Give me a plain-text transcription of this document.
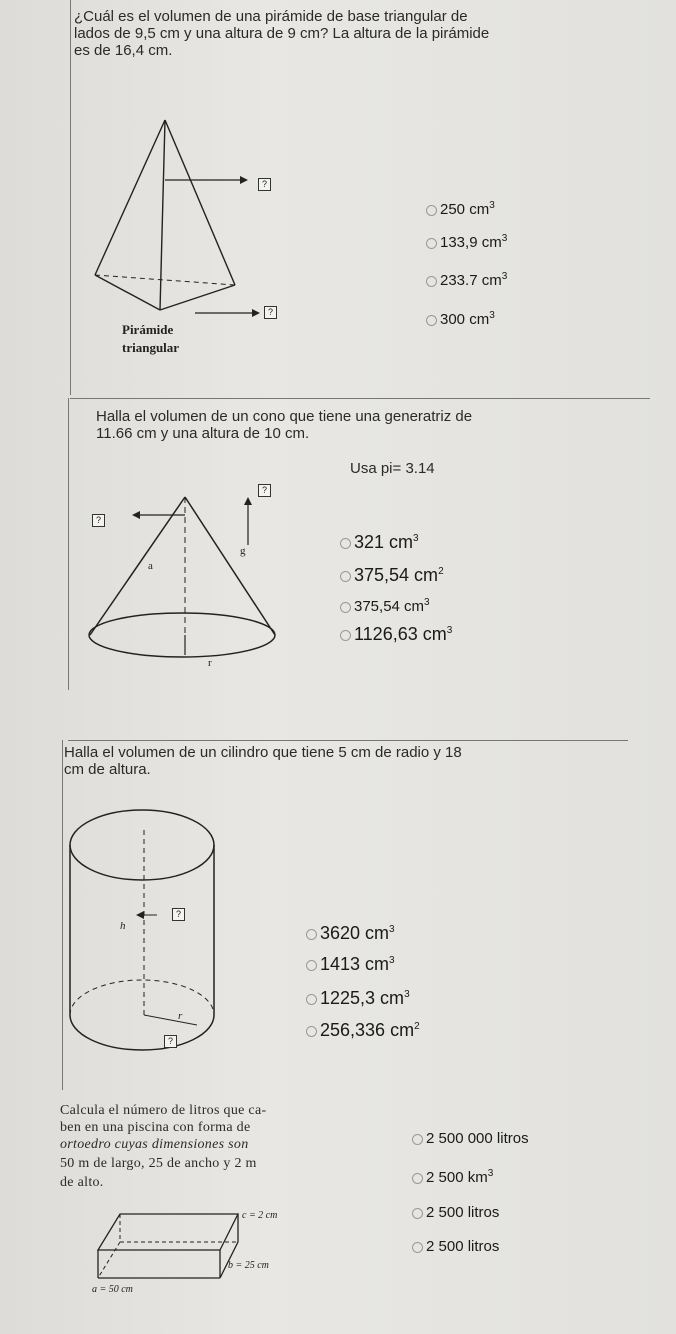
¿Cuál es el volumen de una pirámide de base triangular de
lados de 9,5 cm y una altura de 9 cm? La altura de la pirámide
es de 16,4 cm.
?
?
Pirámide
triangular
250 $cm^3$
133,9 $cm^3$
233.7 $cm^3$
300 $cm^3$
Halla el volumen de un cono que tiene una generatriz de
11.66 cm y una altura de 10 cm.
Usa pi= 3.14
?
?
g
a
r
321 $cm^3$
375,54 $cm^2$
375,54 $cm^3$
1126,63 $cm^3$
Halla el volumen de un cilindro que tiene 5 cm de radio y 18
cm de altura.
?
?
h
r
3620 $cm^3$
1413 $cm^3$
1225,3 $cm^3$
256,336 $cm^2$
Calcula el número de litros que ca-
ben en una piscina con forma de
ortoedro cuyas dimensiones son
50 m de largo, 25 de ancho y 2 m
de alto.
c = 2 cm
b = 25 cm
a = 50 cm
2 500 000 litros
2 500 $km^3$
2 500 litros
2 500 litros
